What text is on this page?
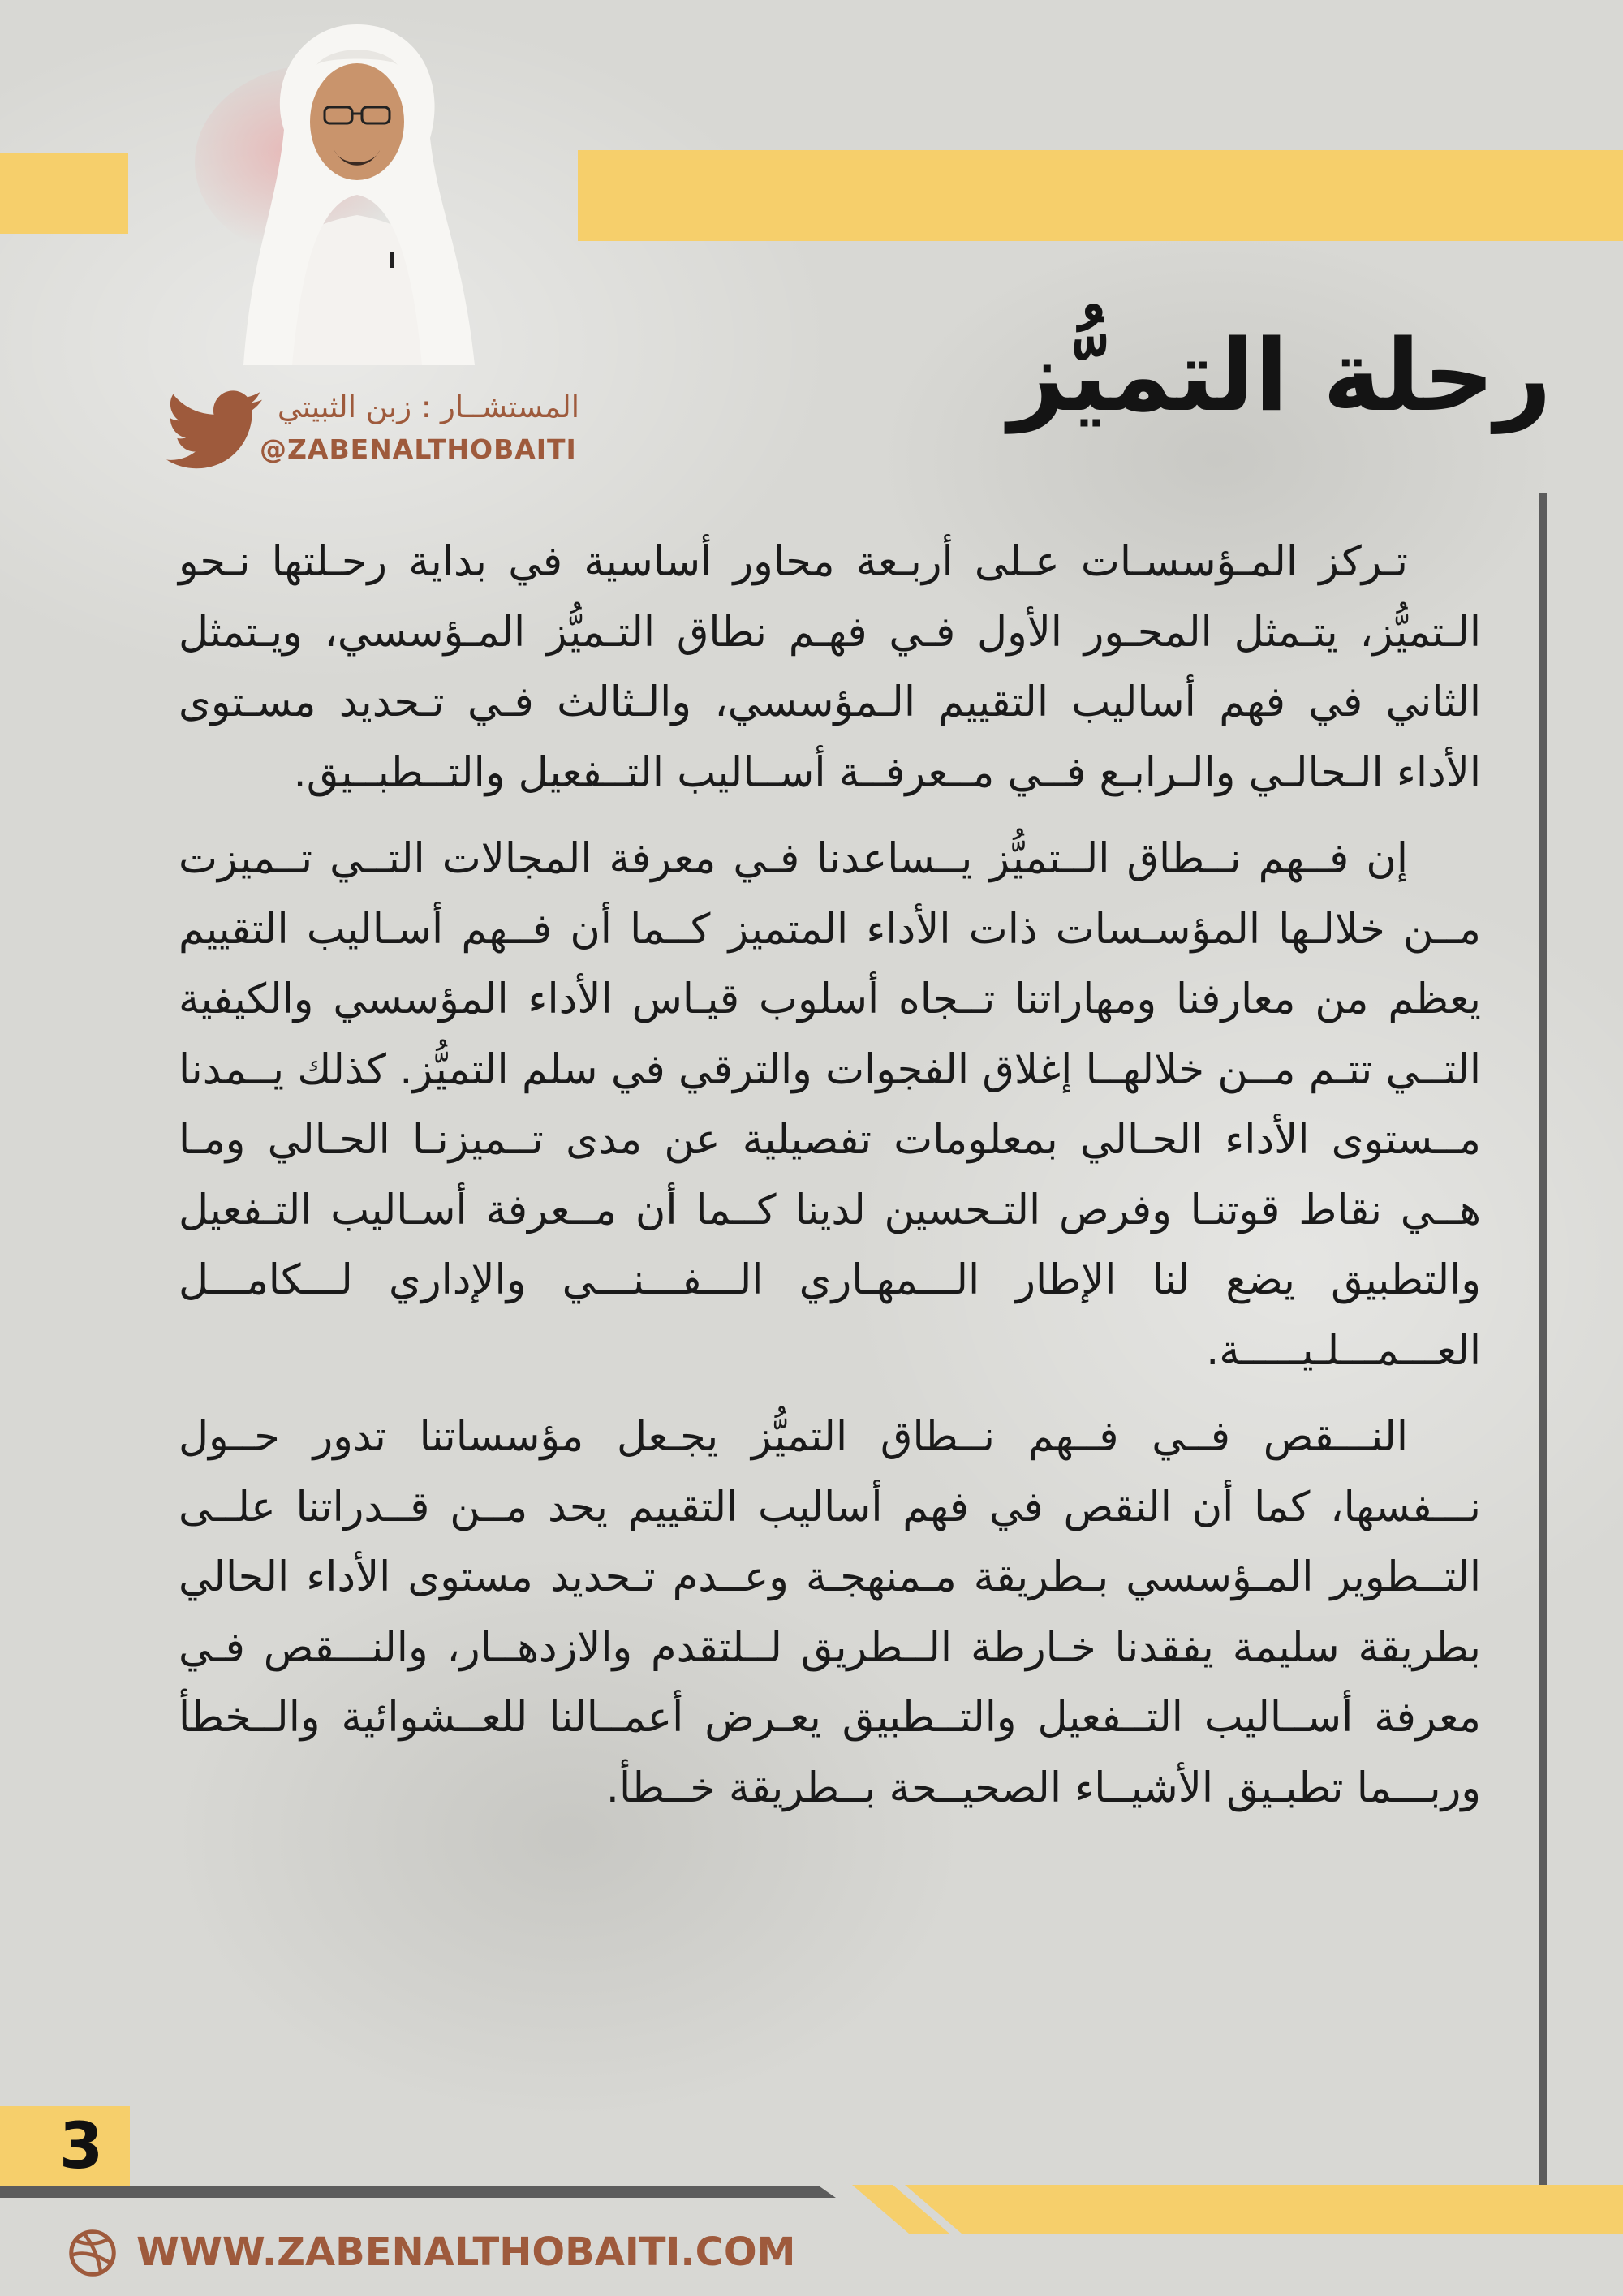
رحلة التميُّز
المستشــار : زبن الثبيتي
@ZABENALTHOBAITI

تـركز المـؤسسـات عـلى أربـعة محاور أساسية في بداية رحـلتها نـحو الـتميُّز، يتـمثل المحـور الأول فـي فهـم نطاق التـميُّز المـؤسسي، ويـتمثل الثاني في فهم أساليب التقييم الـمؤسسي، والـثالث فـي تـحديد مسـتوى الأداء الـحالـي والـرابـع فــي مــعرفــة أســاليب التــفعيل والتــطبــيق.

إن فــهم نــطاق الــتميُّز يــساعدنا فـي معرفة المجالات التــي تــميزت مــن خلالـها المؤسـسات ذات الأداء المتميز كــما أن فــهم أسـاليب التقييم يعظم من معارفنا ومهاراتنا تــجاه أسلوب قيـاس الأداء المؤسسي والكيفية التــي تتـم مــن خلالهــا إغلاق الفجوات والترقي في سلم التميُّز. كذلك يــمدنا مــستوى الأداء الحـالي بمعلومات تفصيلية عن مدى تــميزنـا الحـالي ومـا هــي نقاط قوتنـا وفرص التـحسين لدينا كــما أن مــعرفة أسـاليب التـفعيل والتطبيق يضع لنا الإطار الـــمهـاري الـــفـــنـــي والإداري لـــكامـــل العـــمـــلـيـــــة.

النـــقص فــي فــهم نــطاق التميُّز يجـعل مؤسساتنا تدور حــول نـــفسها، كما أن النقص في فهم أساليب التقييم يحد مــن قــدراتنا علــى التــطوير المـؤسسي بـطريقة مـمنهجـة وعــدم تـحديد مستوى الأداء الحالي بطريقة سليمة يفقدنا خـارطة الــطريق لــلتقدم والازدهــار، والنـــقص فـي معرفة أســاليب التــفعيل والتــطبيق يعـرض أعمــالنا للعــشوائية والــخطأ وربـــما تطبـيق الأشيــاء الصحيــحة بــطريقة خــطأ.

3
WWW.ZABENALTHOBAITI.COM
